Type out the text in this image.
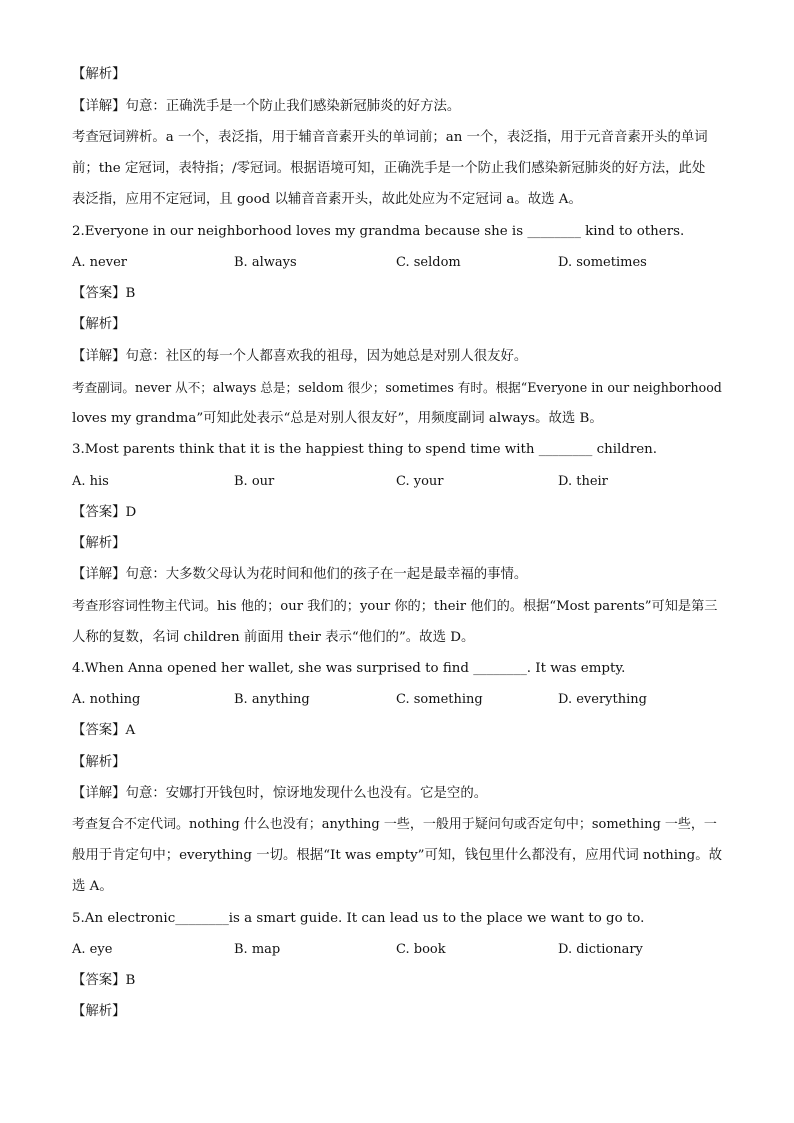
【解析】
【详解】句意：正确洗手是一个防止我们感染新冠肺炎的好方法。
考查冠词辨析。a 一个，表泛指，用于辅音音素开头的单词前；an 一个，表泛指，用于元音音素开头的单词
前；the 定冠词，表特指；/零冠词。根据语境可知，正确洗手是一个防止我们感染新冠肺炎的好方法，此处
表泛指，应用不定冠词，且 good 以辅音音素开头，故此处应为不定冠词 a。故选 A。
2.Everyone in our neighborhood loves my grandma because she is ________ kind to others.
A. never	B. always	C. seldom	D. sometimes
【答案】B
【解析】
【详解】句意：社区的每一个人都喜欢我的祖母，因为她总是对别人很友好。
考查副词。never 从不；always 总是；seldom 很少；sometimes 有时。根据“Everyone in our neighborhood
loves my grandma”可知此处表示“总是对别人很友好”，用频度副词 always。故选 B。
3.Most parents think that it is the happiest thing to spend time with ________ children.
A. his	B. our	C. your	D. their
【答案】D
【解析】
【详解】句意：大多数父母认为花时间和他们的孩子在一起是最幸福的事情。
考查形容词性物主代词。his 他的；our 我们的；your 你的；their 他们的。根据“Most parents”可知是第三
人称的复数，名词 children 前面用 their 表示“他们的”。故选 D。
4.When Anna opened her wallet, she was surprised to find ________. It was empty.
A. nothing	B. anything	C. something	D. everything
【答案】A
【解析】
【详解】句意：安娜打开钱包时，惊讶地发现什么也没有。它是空的。
考查复合不定代词。nothing 什么也没有；anything 一些，一般用于疑问句或否定句中；something 一些，一
般用于肯定句中；everything 一切。根据“It was empty”可知，钱包里什么都没有，应用代词 nothing。故
选 A。
5.An electronic________is a smart guide. It can lead us to the place we want to go to.
A. eye	B. map	C. book	D. dictionary
【答案】B
【解析】
